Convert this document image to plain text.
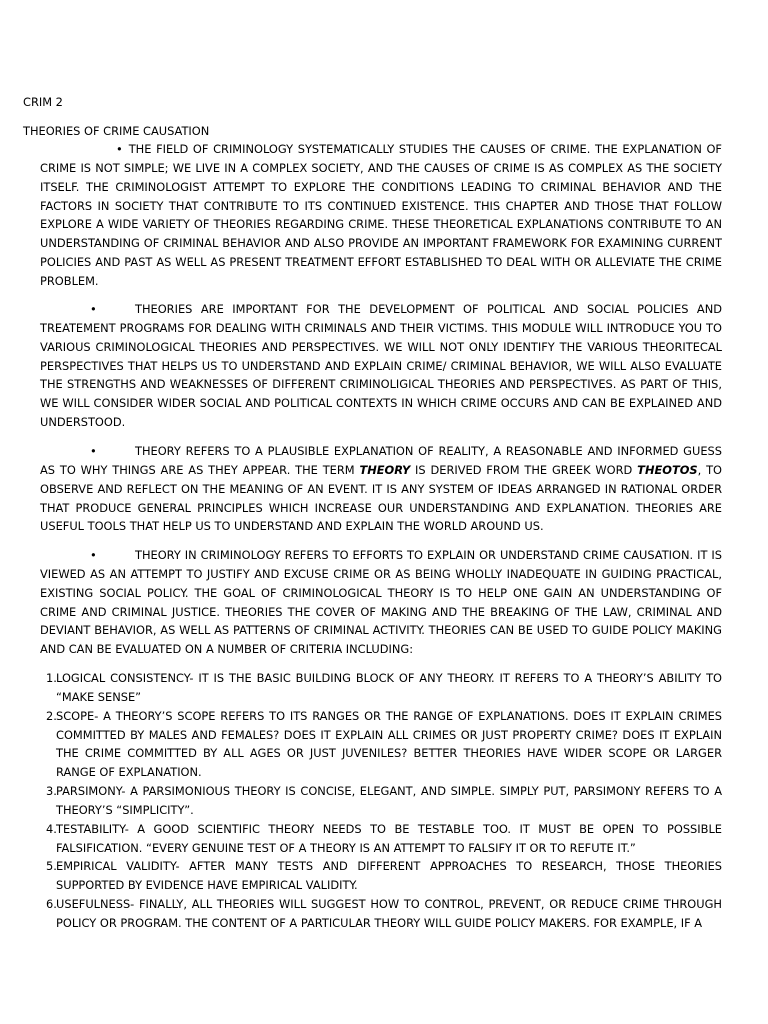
CRIM 2
THEORIES OF CRIME CAUSATION

• THE FIELD OF CRIMINOLOGY SYSTEMATICALLY STUDIES THE CAUSES OF CRIME. THE EXPLANATION OF CRIME IS NOT SIMPLE; WE LIVE IN A COMPLEX SOCIETY, AND THE CAUSES OF CRIME IS AS COMPLEX AS THE SOCIETY ITSELF. THE CRIMINOLOGIST ATTEMPT TO EXPLORE THE CONDITIONS LEADING TO CRIMINAL BEHAVIOR AND THE FACTORS IN SOCIETY THAT CONTRIBUTE TO ITS CONTINUED EXISTENCE. THIS CHAPTER AND THOSE THAT FOLLOW EXPLORE A WIDE VARIETY OF THEORIES REGARDING CRIME. THESE THEORETICAL EXPLANATIONS CONTRIBUTE TO AN UNDERSTANDING OF CRIMINAL BEHAVIOR AND ALSO PROVIDE AN IMPORTANT FRAMEWORK FOR EXAMINING CURRENT POLICIES AND PAST AS WELL AS PRESENT TREATMENT EFFORT ESTABLISHED TO DEAL WITH OR ALLEVIATE THE CRIME PROBLEM.

•	THEORIES ARE IMPORTANT FOR THE DEVELOPMENT OF POLITICAL AND SOCIAL POLICIES AND TREATEMENT PROGRAMS FOR DEALING WITH CRIMINALS AND THEIR VICTIMS. THIS MODULE WILL INTRODUCE YOU TO VARIOUS CRIMINOLOGICAL THEORIES AND PERSPECTIVES. WE WILL NOT ONLY IDENTIFY THE VARIOUS THEORITECAL PERSPECTIVES THAT HELPS US TO UNDERSTAND AND EXPLAIN CRIME/ CRIMINAL BEHAVIOR, WE WILL ALSO EVALUATE THE STRENGTHS AND WEAKNESSES OF DIFFERENT CRIMINOLIGICAL THEORIES AND PERSPECTIVES. AS PART OF THIS, WE WILL CONSIDER WIDER SOCIAL AND POLITICAL CONTEXTS IN WHICH CRIME OCCURS AND CAN BE EXPLAINED AND UNDERSTOOD.

•	THEORY REFERS TO A PLAUSIBLE EXPLANATION OF REALITY, A REASONABLE AND INFORMED GUESS AS TO WHY THINGS ARE AS THEY APPEAR. THE TERM THEORY IS DERIVED FROM THE GREEK WORD THEOTOS, TO OBSERVE AND REFLECT ON THE MEANING OF AN EVENT. IT IS ANY SYSTEM OF IDEAS ARRANGED IN RATIONAL ORDER THAT PRODUCE GENERAL PRINCIPLES WHICH INCREASE OUR UNDERSTANDING AND EXPLANATION. THEORIES ARE USEFUL TOOLS THAT HELP US TO UNDERSTAND AND EXPLAIN THE WORLD AROUND US.

•	THEORY IN CRIMINOLOGY REFERS TO EFFORTS TO EXPLAIN OR UNDERSTAND CRIME CAUSATION. IT IS VIEWED AS AN ATTEMPT TO JUSTIFY AND EXCUSE CRIME OR AS BEING WHOLLY INADEQUATE IN GUIDING PRACTICAL, EXISTING SOCIAL POLICY. THE GOAL OF CRIMINOLOGICAL THEORY IS TO HELP ONE GAIN AN UNDERSTANDING OF CRIME AND CRIMINAL JUSTICE. THEORIES THE COVER OF MAKING AND THE BREAKING OF THE LAW, CRIMINAL AND DEVIANT BEHAVIOR, AS WELL AS PATTERNS OF CRIMINAL ACTIVITY. THEORIES CAN BE USED TO GUIDE POLICY MAKING AND CAN BE EVALUATED ON A NUMBER OF CRITERIA INCLUDING:

1. LOGICAL CONSISTENCY- IT IS THE BASIC BUILDING BLOCK OF ANY THEORY. IT REFERS TO A THEORY’S ABILITY TO “MAKE SENSE”
2. SCOPE- A THEORY’S SCOPE REFERS TO ITS RANGES OR THE RANGE OF EXPLANATIONS. DOES IT EXPLAIN CRIMES COMMITTED BY MALES AND FEMALES? DOES IT EXPLAIN ALL CRIMES OR JUST PROPERTY CRIME? DOES IT EXPLAIN THE CRIME COMMITTED BY ALL AGES OR JUST JUVENILES? BETTER THEORIES HAVE WIDER SCOPE OR LARGER RANGE OF EXPLANATION.
3. PARSIMONY- A PARSIMONIOUS THEORY IS CONCISE, ELEGANT, AND SIMPLE. SIMPLY PUT, PARSIMONY REFERS TO A THEORY’S “SIMPLICITY”.
4. TESTABILITY- A GOOD SCIENTIFIC THEORY NEEDS TO BE TESTABLE TOO. IT MUST BE OPEN TO POSSIBLE FALSIFICATION. “EVERY GENUINE TEST OF A THEORY IS AN ATTEMPT TO FALSIFY IT OR TO REFUTE IT.”
5. EMPIRICAL VALIDITY- AFTER MANY TESTS AND DIFFERENT APPROACHES TO RESEARCH, THOSE THEORIES SUPPORTED BY EVIDENCE HAVE EMPIRICAL VALIDITY.
6. USEFULNESS- FINALLY, ALL THEORIES WILL SUGGEST HOW TO CONTROL, PREVENT, OR REDUCE CRIME THROUGH POLICY OR PROGRAM. THE CONTENT OF A PARTICULAR THEORY WILL GUIDE POLICY MAKERS. FOR EXAMPLE, IF A
